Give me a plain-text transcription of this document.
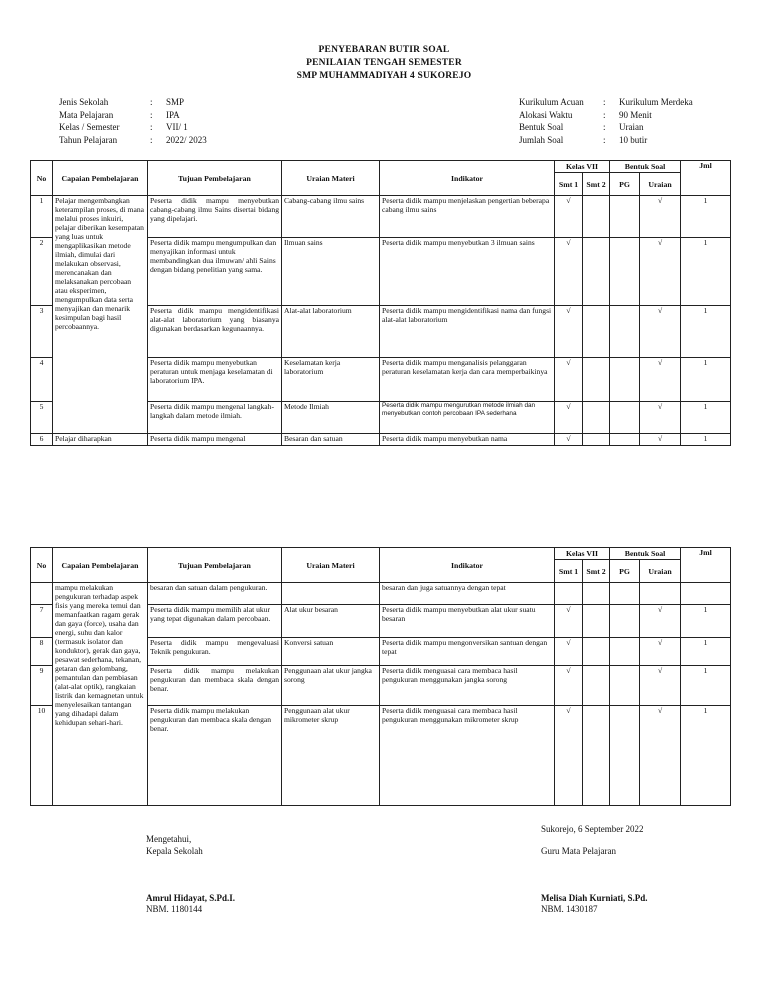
PENYEBARAN BUTIR SOAL
PENILAIAN TENGAH SEMESTER
SMP MUHAMMADIYAH 4 SUKOREJO
Jenis Sekolah	: SMP
Mata Pelajaran	: IPA
Kelas / Semester	: VII/ 1
Tahun Pelajaran	: 2022/ 2023
Kurikulum Acuan : Kurikulum Merdeka
Alokasi Waktu	: 90 Menit
Bentuk Soal	: Uraian
Jumlah Soal	: 10 butir
No	Capaian Pembelajaran	Tujuan Pembelajaran	Uraian Materi	Indikator	Kelas VII		Bentuk Soal		Jml
					Smt 1	Smt 2	PG	Uraian	
1	Pelajar mengembangkan keterampilan proses, di mana melalui proses inkuiri, pelajar diberikan kesempatan yang luas untuk mengaplikasikan metode ilmiah, dimulai dari melakukan observasi, merencanakan dan melaksanakan percobaan atau eksperimen, mengumpulkan data serta menyajikan dan menarik kesimpulan bagi hasil percobaannya.	Peserta didik mampu menyebutkan cabang-cabang ilmu Sains disertai bidang yang dipelajari.	Cabang-cabang ilmu sains	Peserta didik mampu menjelaskan pengertian beberapa cabang ilmu sains	√			√	1
2		Peserta didik mampu mengumpulkan dan menyajikan informasi untuk membandingkan dua ilmuwan/ ahli Sains dengan bidang penelitian yang sama.	Ilmuan sains	Peserta didik mampu menyebutkan 3 ilmuan sains	√			√	1
3		Peserta didik mampu mengidentifikasi alat-alat laboratorium yang biasanya digunakan berdasarkan kegunaannya.	Alat-alat laboratorium	Peserta didik mampu mengidentifikasi nama dan fungsi alat-alat laboratorium	√			√	1
4		Peserta didik mampu menyebutkan peraturan untuk menjaga keselamatan di laboratorium IPA.	Keselamatan kerja laboratorium	Peserta didik mampu menganalisis pelanggaran peraturan keselamatan kerja dan cara memperbaikinya	√			√	1
5		Peserta didik mampu mengenal langkah-langkah dalam metode ilmiah.	Metode Ilmiah	Peserta didik mampu mengurutkan metode ilmiah dan menyebutkan contoh percobaan IPA sederhana	√			√	1
6	Pelajar diharapkan	Peserta didik mampu mengenal	Besaran dan satuan	Peserta didik mampu menyebutkan nama	√			√	1
No	Capaian Pembelajaran	Tujuan Pembelajaran	Uraian Materi	Indikator	Kelas VII		Bentuk Soal		Jml
					Smt 1	Smt 2	PG	Uraian	
	mampu melakukan pengukuran terhadap aspek fisis yang mereka temui dan memanfaatkan ragam gerak dan gaya (force), usaha dan energi, suhu dan kalor (termasuk isolator dan konduktor), gerak dan gaya, pesawat sederhana, tekanan, getaran dan gelombang, pemantulan dan pembiasan (alat-alat optik), rangkaian listrik dan kemagnetan untuk menyelesaikan tantangan yang dihadapi dalam kehidupan sehari-hari.	besaran dan satuan dalam pengukuran.		besaran dan juga satuannya dengan tepat					
7		Peserta didik mampu memilih alat ukur yang tepat digunakan dalam percobaan.	Alat ukur besaran	Peserta didik mampu menyebutkan alat ukur suatu besaran	√			√	1
8		Peserta didik mampu mengevaluasi Teknik pengukuran.	Konversi satuan	Peserta didik mampu mengonversikan santuan dengan tepat	√			√	1
9		Peserta didik mampu melakukan pengukuran dan membaca skala dengan benar.	Penggunaan alat ukur jangka sorong	Peserta didik menguasai cara membaca hasil pengukuran menggunakan jangka sorong	√			√	1
10		Peserta didik mampu melakukan pengukuran dan membaca skala dengan benar.	Penggunaan alat ukur mikrometer skrup	Peserta didik menguasai cara membaca hasil pengukuran menggunakan mikrometer skrup	√			√	1
Sukorejo, 6 September 2022
Mengetahui,
Kepala Sekolah	Guru Mata Pelajaran
Amrul Hidayat, S.Pd.I.
NBM. 1180144
Melisa Diah Kurniati, S.Pd.
NBM. 1430187
